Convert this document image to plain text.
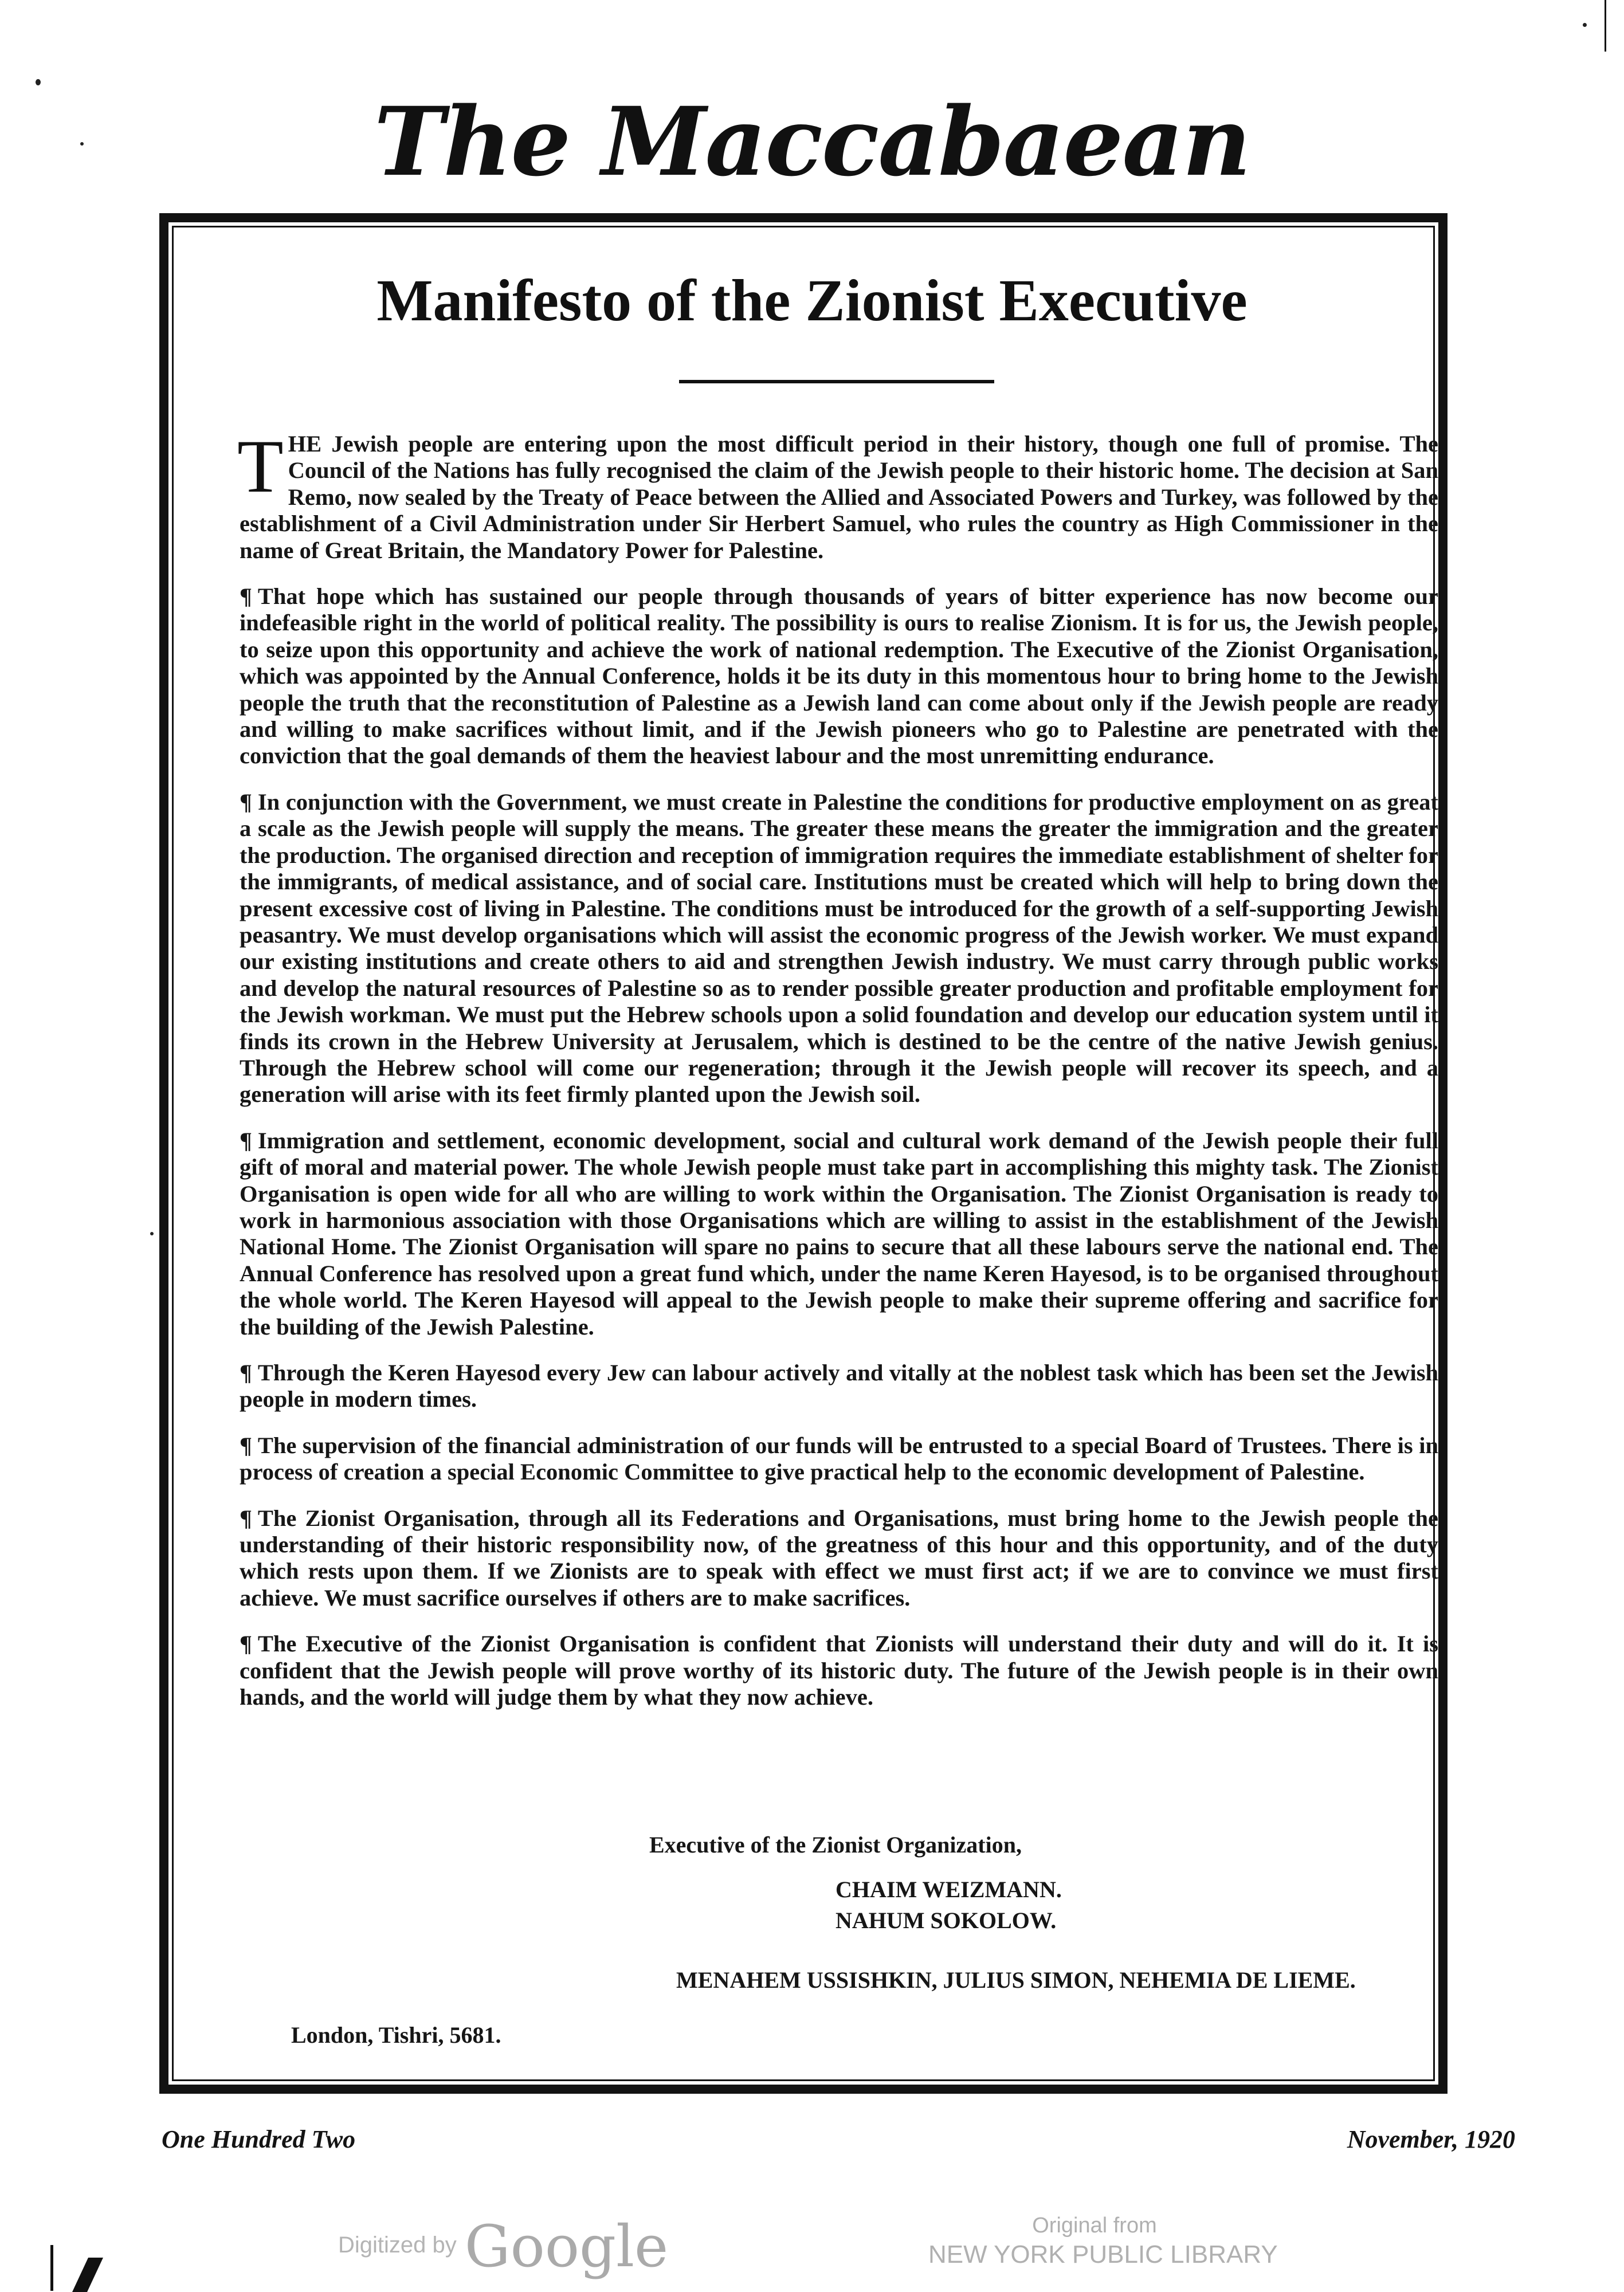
The Maccabaean
Manifesto of the Zionist Executive

THE Jewish people are entering upon the most difficult period in their history, though one full of promise. The Council of the Nations has fully recognised the claim of the Jewish people to their historic home. The decision at San Remo, now sealed by the Treaty of Peace between the Allied and Associated Powers and Turkey, was followed by the establishment of a Civil Administration under Sir Herbert Samuel, who rules the country as High Commissioner in the name of Great Britain, the Mandatory Power for Palestine.

¶ That hope which has sustained our people through thousands of years of bitter experience has now become our indefeasible right in the world of political reality. The possibility is ours to realise Zionism. It is for us, the Jewish people, to seize upon this opportunity and achieve the work of national redemption. The Executive of the Zionist Organisation, which was appointed by the Annual Conference, holds it be its duty in this momentous hour to bring home to the Jewish people the truth that the reconstitution of Palestine as a Jewish land can come about only if the Jewish people are ready and willing to make sacrifices without limit, and if the Jewish pioneers who go to Palestine are penetrated with the conviction that the goal demands of them the heaviest labour and the most unremitting endurance.

¶ In conjunction with the Government, we must create in Palestine the conditions for productive employment on as great a scale as the Jewish people will supply the means. The greater these means the greater the immigration and the greater the production. The organised direction and reception of immigration requires the immediate establishment of shelter for the immigrants, of medical assistance, and of social care. Institutions must be created which will help to bring down the present excessive cost of living in Palestine. The conditions must be introduced for the growth of a self-supporting Jewish peasantry. We must develop organisations which will assist the economic progress of the Jewish worker. We must expand our existing institutions and create others to aid and strengthen Jewish industry. We must carry through public works and develop the natural resources of Palestine so as to render possible greater production and profitable employment for the Jewish workman. We must put the Hebrew schools upon a solid foundation and develop our education system until it finds its crown in the Hebrew University at Jerusalem, which is destined to be the centre of the native Jewish genius. Through the Hebrew school will come our regeneration; through it the Jewish people will recover its speech, and a generation will arise with its feet firmly planted upon the Jewish soil.

¶ Immigration and settlement, economic development, social and cultural work demand of the Jewish people their full gift of moral and material power. The whole Jewish people must take part in accomplishing this mighty task. The Zionist Organisation is open wide for all who are willing to work within the Organisation. The Zionist Organisation is ready to work in harmonious association with those Organisations which are willing to assist in the establishment of the Jewish National Home. The Zionist Organisation will spare no pains to secure that all these labours serve the national end. The Annual Conference has resolved upon a great fund which, under the name Keren Hayesod, is to be organised throughout the whole world. The Keren Hayesod will appeal to the Jewish people to make their supreme offering and sacrifice for the building of the Jewish Palestine.

¶ Through the Keren Hayesod every Jew can labour actively and vitally at the noblest task which has been set the Jewish people in modern times.

¶ The supervision of the financial administration of our funds will be entrusted to a special Board of Trustees. There is in process of creation a special Economic Committee to give practical help to the economic development of Palestine.

¶ The Zionist Organisation, through all its Federations and Organisations, must bring home to the Jewish people the understanding of their historic responsibility now, of the greatness of this hour and this opportunity, and of the duty which rests upon them. If we Zionists are to speak with effect we must first act; if we are to convince we must first achieve. We must sacrifice ourselves if others are to make sacrifices.

¶ The Executive of the Zionist Organisation is confident that Zionists will understand their duty and will do it. It is confident that the Jewish people will prove worthy of its historic duty. The future of the Jewish people is in their own hands, and the world will judge them by what they now achieve.

Executive of the Zionist Organization,
CHAIM WEIZMANN.
NAHUM SOKOLOW.
MENAHEM USSISHKIN, JULIUS SIMON, NEHEMIA DE LIEME.
London, Tishri, 5681.
One Hundred Two	November, 1920
Digitized by Google	Original from
NEW YORK PUBLIC LIBRARY
